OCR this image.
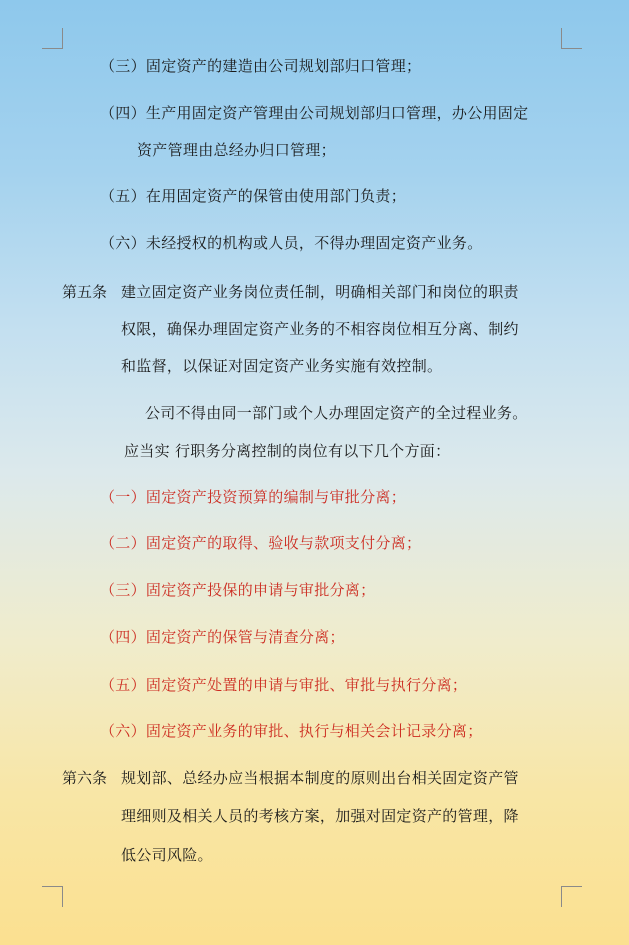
（三）固定资产的建造由公司规划部归口管理；
（四）生产用固定资产管理由公司规划部归口管理，办公用固定
资产管理由总经办归口管理；
（五）在用固定资产的保管由使用部门负责；
（六）未经授权的机构或人员，不得办理固定资产业务。
第五条 建立固定资产业务岗位责任制，明确相关部门和岗位的职责
权限，确保办理固定资产业务的不相容岗位相互分离、制约
和监督，以保证对固定资产业务实施有效控制。
公司不得由同一部门或个人办理固定资产的全过程业务。
应当实 行职务分离控制的岗位有以下几个方面：
（一）固定资产投资预算的编制与审批分离；
（二）固定资产的取得、验收与款项支付分离；
（三）固定资产投保的申请与审批分离；
（四）固定资产的保管与清查分离；
（五）固定资产处置的申请与审批、审批与执行分离；
（六）固定资产业务的审批、执行与相关会计记录分离；
第六条 规划部、总经办应当根据本制度的原则出台相关固定资产管
理细则及相关人员的考核方案，加强对固定资产的管理，降
低公司风险。
